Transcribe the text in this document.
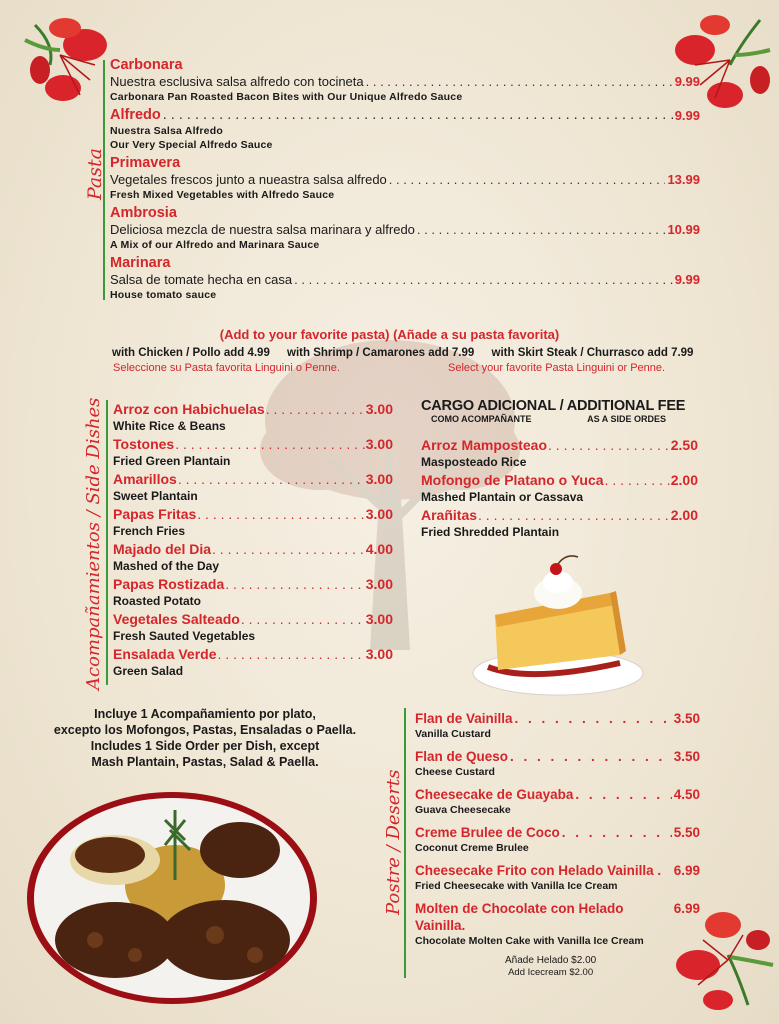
Pasta
Acompañamientos / Side Dishes
Postre / Deserts
Carbonara
Nuestra esclusiva salsa alfredo con tocineta . . .	9.99
Carbonara Pan Roasted Bacon Bites with Our Unique Alfredo Sauce
Alfredo . . .	9.99
Nuestra Salsa Alfredo
Our Very Special Alfredo Sauce
Primavera
Vegetales frescos junto a nueastra salsa alfredo . . .	13.99
Fresh Mixed Vegetables with Alfredo Sauce
Ambrosia
Deliciosa mezcla de nuestra salsa marinara y alfredo . . .	10.99
A Mix of our Alfredo and Marinara Sauce
Marinara
Salsa de tomate hecha en casa . . .	9.99
House tomato sauce
(Add to your favorite pasta) (Añade a su pasta favorita)
with Chicken / Pollo add 4.99 with Shrimp / Camarones add 7.99 with Skirt Steak / Churrasco add 7.99
Seleccione su Pasta favorita Linguini o Penne.	Select your favorite Pasta Linguini or Penne.
Arroz con Habichuelas . . .	3.00
White Rice & Beans
Tostones . . .	3.00
Fried Green Plantain
Amarillos . . .	3.00
Sweet Plantain
Papas Fritas . . .	3.00
French Fries
Majado del Dia . . .	4.00
Mashed of the Day
Papas Rostizada . . .	3.00
Roasted Potato
Vegetales Salteado . . .	3.00
Fresh Sauted Vegetables
Ensalada Verde . . .	3.00
Green Salad
CARGO ADICIONAL / ADDITIONAL FEE
COMO ACOMPAÑANTE	AS A SIDE ORDES
Arroz Mamposteao . . .	2.50
Masposteado Rice
Mofongo de Platano o Yuca . . .	2.00
Mashed Plantain or Cassava
Arañitas . . .	2.00
Fried Shredded Plantain
Incluye 1 Acompañamiento por plato,
excepto los Mofongos, Pastas, Ensaladas o Paella.
Includes 1 Side Order per Dish, except
Mash Plantain, Pastas, Salad & Paella.
Flan de Vainilla . . .	3.50
Vanilla Custard
Flan de Queso . . .	3.50
Cheese Custard
Cheesecake de Guayaba . . .	4.50
Guava Cheesecake
Creme Brulee de Coco . . .	5.50
Coconut Creme Brulee
Cheesecake Frito con Helado Vainilla . 6.99
Fried Cheesecake with Vanilla Ice Cream
Molten de Chocolate con Helado Vainilla.
6.99
Chocolate Molten Cake with Vanilla Ice Cream
Añade Helado $2.00
Add Icecream $2.00
